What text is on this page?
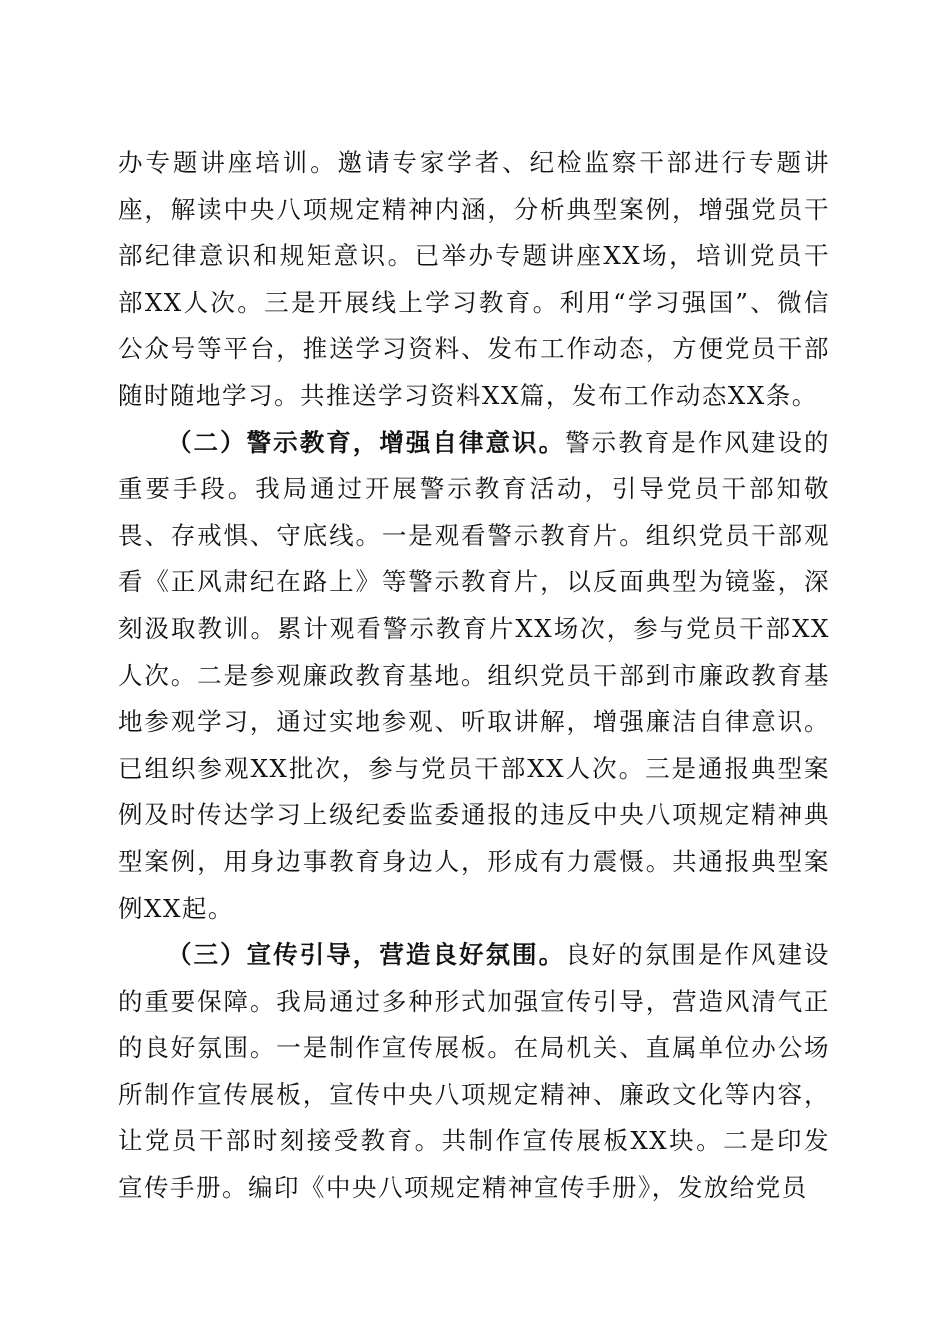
办专题讲座培训。邀请专家学者、纪检监察干部进行专题讲座，解读中央八项规定精神内涵，分析典型案例，增强党员干部纪律意识和规矩意识。已举办专题讲座XX场，培训党员干部XX人次。三是开展线上学习教育。利用“学习强国”、微信公众号等平台，推送学习资料、发布工作动态，方便党员干部随时随地学习。共推送学习资料XX篇，发布工作动态XX条。

（二）警示教育，增强自律意识。警示教育是作风建设的重要手段。我局通过开展警示教育活动，引导党员干部知敬畏、存戒惧、守底线。一是观看警示教育片。组织党员干部观看《正风肃纪在路上》等警示教育片，以反面典型为镜鉴，深刻汲取教训。累计观看警示教育片XX场次，参与党员干部XX人次。二是参观廉政教育基地。组织党员干部到市廉政教育基地参观学习，通过实地参观、听取讲解，增强廉洁自律意识。已组织参观XX批次，参与党员干部XX人次。三是通报典型案例及时传达学习上级纪委监委通报的违反中央八项规定精神典型案例，用身边事教育身边人，形成有力震慑。共通报典型案例XX起。

（三）宣传引导，营造良好氛围。良好的氛围是作风建设的重要保障。我局通过多种形式加强宣传引导，营造风清气正的良好氛围。一是制作宣传展板。在局机关、直属单位办公场所制作宣传展板，宣传中央八项规定精神、廉政文化等内容，让党员干部时刻接受教育。共制作宣传展板XX块。二是印发宣传手册。编印《中央八项规定精神宣传手册》，发放给党员
